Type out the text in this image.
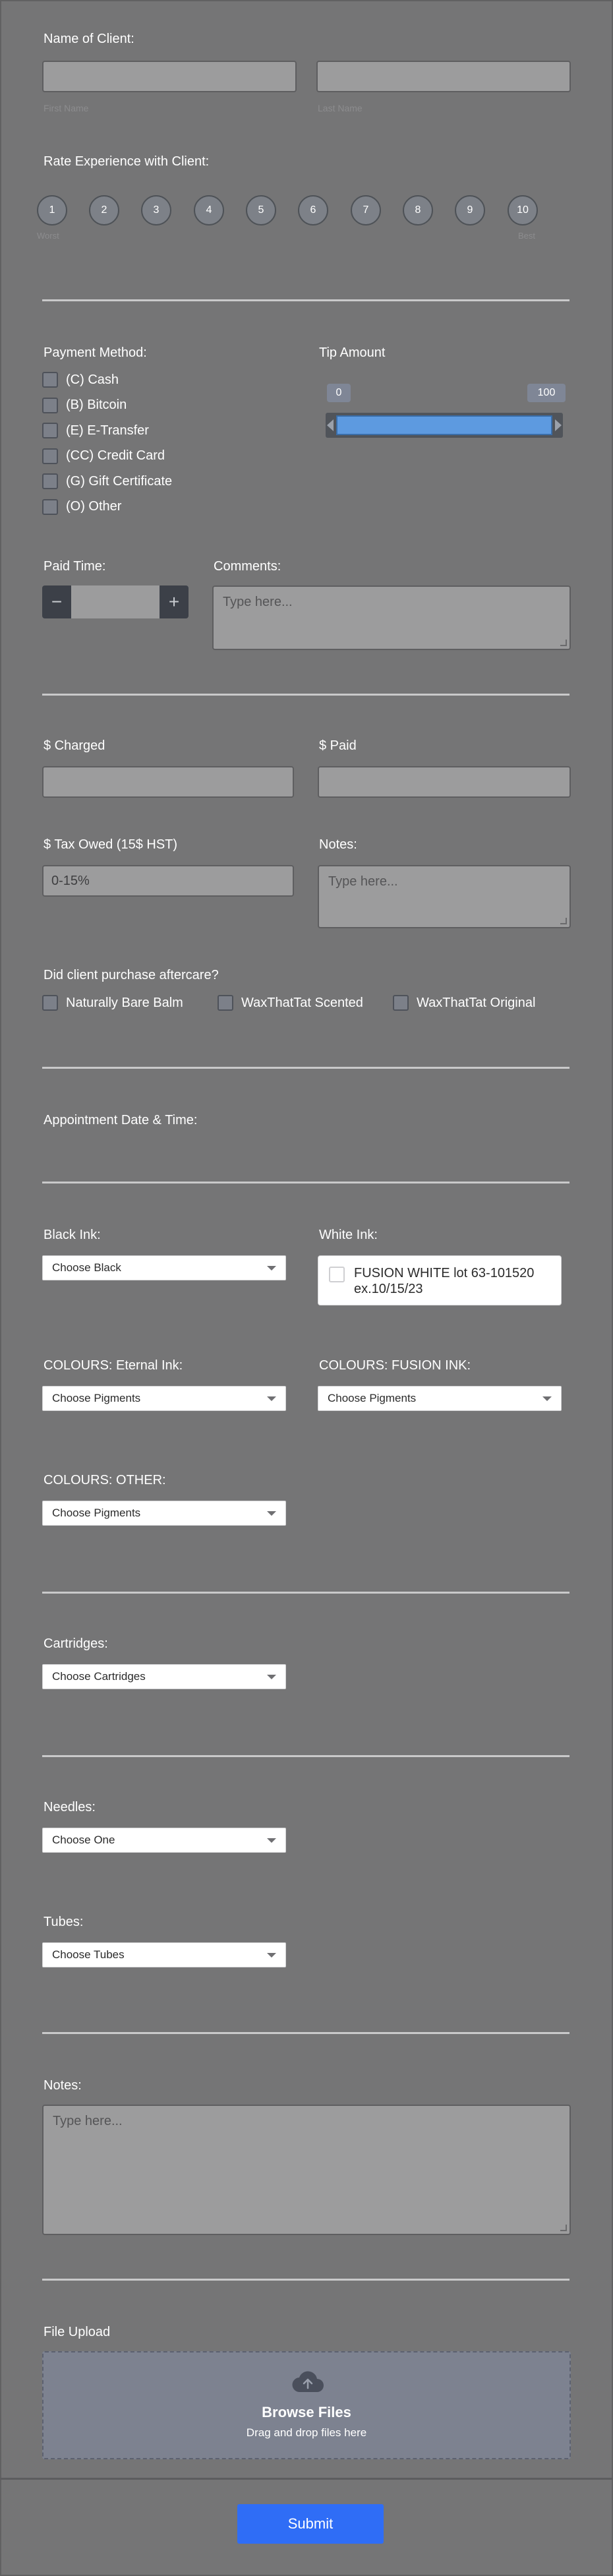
Name of Client:
First Name	Last Name
Rate Experience with Client:
1	2	3	4	5	6	7	8	9	10
Worst	Best
Payment Method:
(C) Cash
(B) Bitcoin
(E) E-Transfer
(CC) Credit Card
(G) Gift Certificate
(O) Other
Tip Amount
0	100
Paid Time:
−	+
Comments:
Type here...
$ Charged	$ Paid
$ Tax Owed (15$ HST)
0-15%
Notes:
Type here...
Did client purchase aftercare?
Naturally Bare Balm	WaxThatTat Scented	WaxThatTat Original
Appointment Date & Time:
Black Ink:
Choose Black
White Ink:
FUSION WHITE lot 63-101520 ex.10/15/23
COLOURS: Eternal Ink:
Choose Pigments
COLOURS: FUSION INK:
Choose Pigments
COLOURS: OTHER:
Choose Pigments
Cartridges:
Choose Cartridges
Needles:
Choose One
Tubes:
Choose Tubes
Notes:
Type here...
File Upload
Browse Files
Drag and drop files here
Submit
